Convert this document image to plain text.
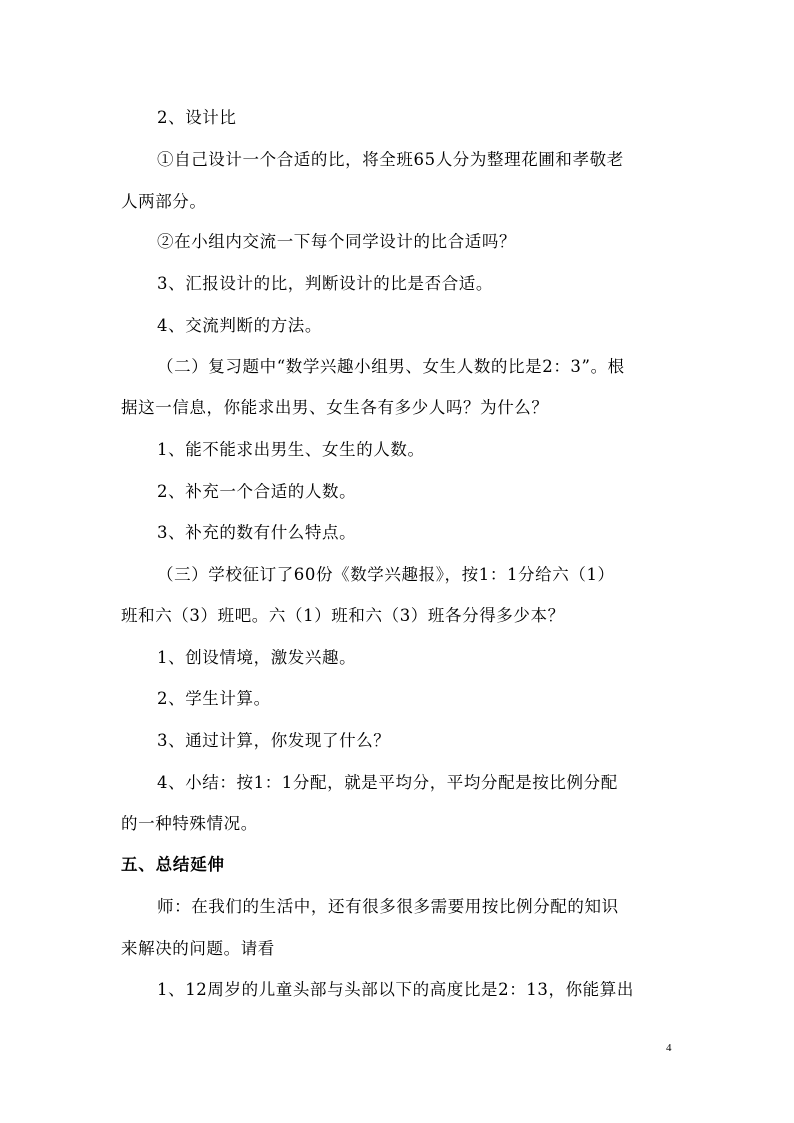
2、设计比
①自己设计一个合适的比，将全班65人分为整理花圃和孝敬老
人两部分。
②在小组内交流一下每个同学设计的比合适吗？
3、汇报设计的比，判断设计的比是否合适。
4、交流判断的方法。
（二）复习题中“数学兴趣小组男、女生人数的比是2：3”。根
据这一信息，你能求出男、女生各有多少人吗？为什么？
1、能不能求出男生、女生的人数。
2、补充一个合适的人数。
3、补充的数有什么特点。
（三）学校征订了60份《数学兴趣报》，按1：1分给六（1）
班和六（3）班吧。六（1）班和六（3）班各分得多少本？
1、创设情境，激发兴趣。
2、学生计算。
3、通过计算，你发现了什么？
4、小结：按1：1分配，就是平均分，平均分配是按比例分配
的一种特殊情况。
五、总结延伸
师：在我们的生活中，还有很多很多需要用按比例分配的知识
来解决的问题。请看
1、12周岁的儿童头部与头部以下的高度比是2：13，你能算出
4
